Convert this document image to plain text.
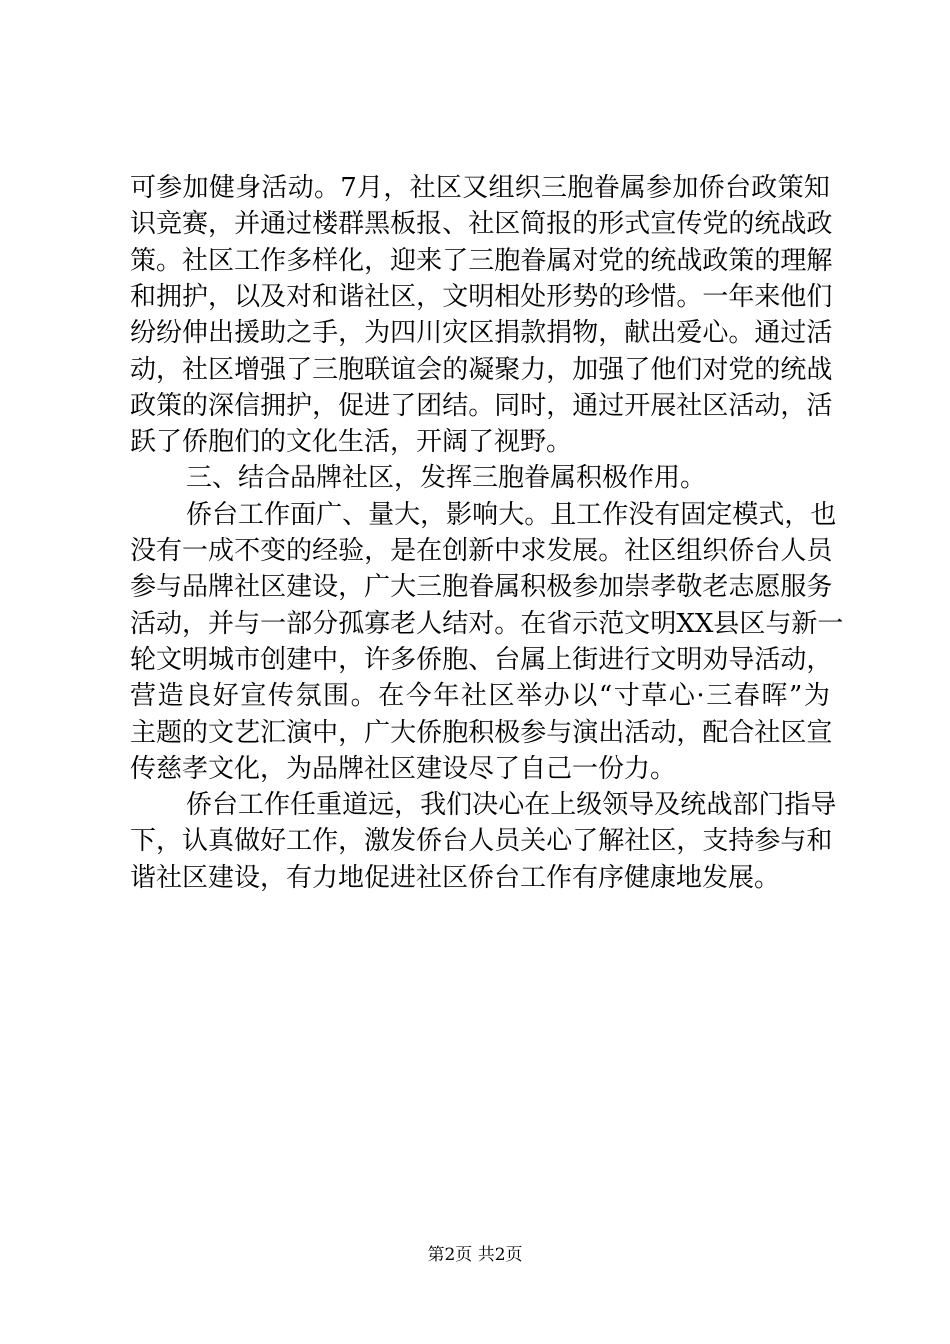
可 参 加 健 身 活 动 。 7 月 ， 社 区 又 组 织 三 胞 眷 属 参 加 侨 台 政 策 知
识 竞 赛 ， 并 通 过 楼 群 黑 板 报 、 社 区 简 报 的 形 式 宣 传 党 的 统 战 政
策 。 社 区 工 作 多 样 化 ， 迎 来 了 三 胞 眷 属 对 党 的 统 战 政 策 的 理 解
和 拥 护 ， 以 及 对 和 谐 社 区 ， 文 明 相 处 形 势 的 珍 惜 。 一 年 来 他 们
纷 纷 伸 出 援 助 之 手 ， 为 四 川 灾 区 捐 款 捐 物 ， 献 出 爱 心 。 通 过 活
动 ， 社 区 增 强 了 三 胞 联 谊 会 的 凝 聚 力 ， 加 强 了 他 们 对 党 的 统 战
政 策 的 深 信 拥 护 ， 促 进 了 团 结 。 同 时 ， 通 过 开 展 社 区 活 动 ， 活
跃了侨胞们的文化生活，开阔了视野。
三、结合品牌社区，发挥三胞眷属积极作用。
侨 台 工 作 面 广 、 量 大 ， 影 响 大 。 且 工 作 没 有 固 定 模 式 ， 也
没 有 一 成 不 变 的 经 验 ， 是 在 创 新 中 求 发 展 。 社 区 组 织 侨 台 人 员
参 与 品 牌 社 区 建 设 ， 广 大 三 胞 眷 属 积 极 参 加 崇 孝 敬 老 志 愿 服 务
活 动 ， 并 与 一 部 分 孤 寡 老 人 结 对 。 在 省 示 范 文 明 X X 县 区 与 新 一
轮 文 明 城 市 创 建 中 ， 许 多 侨 胞 、 台 属 上 街 进 行 文 明 劝 导 活 动 ，
营 造 良 好 宣 传 氛 围 。 在 今 年 社 区 举 办 以 “ 寸 草 心 · 三 春 晖 ” 为
主 题 的 文 艺 汇 演 中 ， 广 大 侨 胞 积 极 参 与 演 出 活 动 ， 配 合 社 区 宣
传慈孝文化，为品牌社区建设尽了自己一份力。
侨 台 工 作 任 重 道 远 ， 我 们 决 心 在 上 级 领 导 及 统 战 部 门 指 导
下 ， 认 真 做 好 工 作 ， 激 发 侨 台 人 员 关 心 了 解 社 区 ， 支 持 参 与 和
谐社区建设，有力地促进社区侨台工作有序健康地发展。
第2页 共2页
